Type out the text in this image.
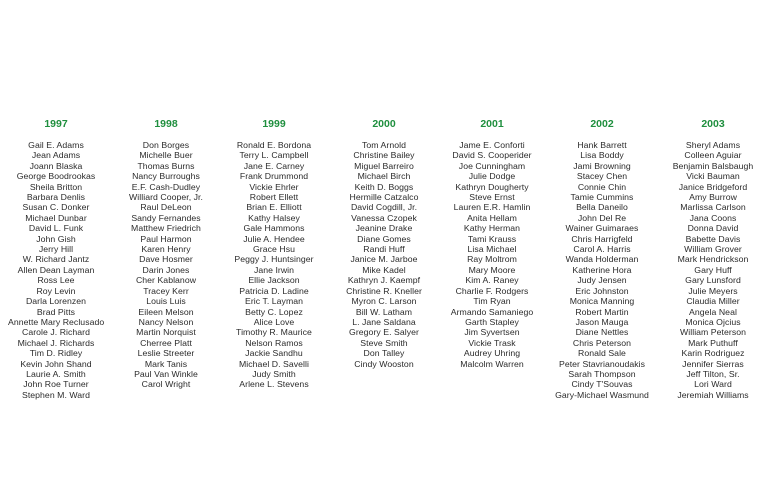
1997
Gail E. Adams
Jean Adams
Joann Blaska
George Boodrookas
Sheila Britton
Barbara Denlis
Susan C. Donker
Michael Dunbar
David L. Funk
John Gish
Jerry Hill
W. Richard Jantz
Allen Dean Layman
Ross Lee
Roy Levin
Darla Lorenzen
Brad Pitts
Annette Mary Reclusado
Carole J. Richard
Michael J. Richards
Tim D. Ridley
Kevin John Shand
Laurie A. Smith
John Roe Turner
Stephen M. Ward
1998
Don Borges
Michelle Buer
Thomas Burns
Nancy Burroughs
E.F. Cash-Dudley
Williard Cooper, Jr.
Raul DeLeon
Sandy Fernandes
Matthew Friedrich
Paul Harmon
Karen Henry
Dave Hosmer
Darin Jones
Cher Kablanow
Tracey Kerr
Louis Luis
Eileen Melson
Nancy Nelson
Martin Norquist
Cherree Platt
Leslie Streeter
Mark Tanis
Paul Van Winkle
Carol Wright
1999
Ronald E. Bordona
Terry L. Campbell
Jane E. Carney
Frank Drummond
Vickie Ehrler
Robert Ellett
Brian E. Elliott
Kathy Halsey
Gale Hammons
Julie A. Hendee
Grace Hsu
Peggy J. Huntsinger
Jane Irwin
Ellie Jackson
Patricia D. Ladine
Eric T. Layman
Betty C. Lopez
Alice Love
Timothy R. Maurice
Nelson Ramos
Jackie Sandhu
Michael D. Savelli
Judy Smith
Arlene L. Stevens
2000
Tom Arnold
Christine Bailey
Miguel Barreiro
Michael Birch
Keith D. Boggs
Hermille Catzalco
David Cogdill, Jr.
Vanessa Czopek
Jeanine Drake
Diane Gomes
Randi Huff
Janice M. Jarboe
Mike Kadel
Kathryn J. Kaempf
Christine R. Kneller
Myron C. Larson
Bill W. Latham
L. Jane Saldana
Gregory E. Salyer
Steve Smith
Don Talley
Cindy Wooston
2001
Jame E. Conforti
David S. Cooperider
Joe Cunningham
Julie Dodge
Kathryn Dougherty
Steve Ernst
Lauren E.R. Hamlin
Anita Hellam
Kathy Herman
Tami Krauss
Lisa Michael
Ray Moltrom
Mary Moore
Kim A. Raney
Charlie F. Rodgers
Tim Ryan
Armando Samaniego
Garth Stapley
Jim Syvertsen
Vickie Trask
Audrey Uhring
Malcolm Warren
2002
Hank Barrett
Lisa Boddy
Jami Browning
Stacey Chen
Connie Chin
Tamie Cummins
Bella Daneilo
John Del Re
Wainer Guimaraes
Chris Harrigfeld
Carol A. Harris
Wanda Holderman
Katherine Hora
Judy Jensen
Eric Johnston
Monica Manning
Robert Martin
Jason Mauga
Diane Nettles
Chris Peterson
Ronald Sale
Peter Stavrianoudakis
Sarah Thompson
Cindy T'Souvas
Gary-Michael Wasmund
2003
Sheryl Adams
Colleen Aguiar
Benjamin Balsbaugh
Vicki Bauman
Janice Bridgeford
Amy Burrow
Marlissa Carlson
Jana Coons
Donna David
Babette Davis
William Grover
Mark Hendrickson
Gary Huff
Gary Lunsford
Julie Meyers
Claudia Miller
Angela Neal
Monica Ojcius
William Peterson
Mark Puthuff
Karin Rodriguez
Jennifer Sierras
Jeff Tilton, Sr.
Lori Ward
Jeremiah Williams
